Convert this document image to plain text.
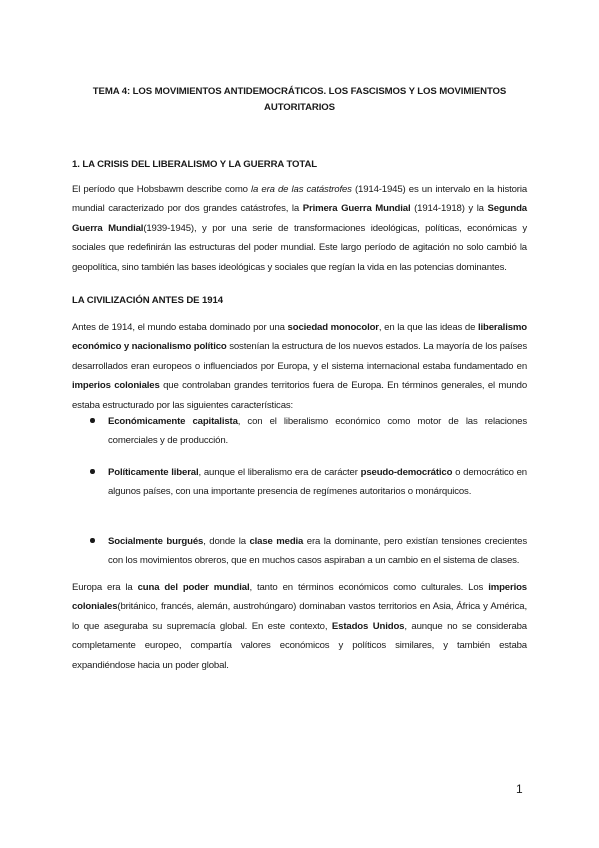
TEMA 4: LOS MOVIMIENTOS ANTIDEMOCRÁTICOS. LOS FASCISMOS Y LOS MOVIMIENTOS AUTORITARIOS
1. LA CRISIS DEL LIBERALISMO Y LA GUERRA TOTAL
El período que Hobsbawm describe como la era de las catástrofes (1914-1945) es un intervalo en la historia mundial caracterizado por dos grandes catástrofes, la Primera Guerra Mundial (1914-1918) y la Segunda Guerra Mundial(1939-1945), y por una serie de transformaciones ideológicas, políticas, económicas y sociales que redefinirán las estructuras del poder mundial. Este largo período de agitación no solo cambió la geopolítica, sino también las bases ideológicas y sociales que regían la vida en las potencias dominantes.
LA CIVILIZACIÓN ANTES DE 1914
Antes de 1914, el mundo estaba dominado por una sociedad monocolor, en la que las ideas de liberalismo económico y nacionalismo político sostenían la estructura de los nuevos estados. La mayoría de los países desarrollados eran europeos o influenciados por Europa, y el sistema internacional estaba fundamentado en imperios coloniales que controlaban grandes territorios fuera de Europa. En términos generales, el mundo estaba estructurado por las siguientes características:
Económicamente capitalista, con el liberalismo económico como motor de las relaciones comerciales y de producción.
Políticamente liberal, aunque el liberalismo era de carácter pseudo-democrático o democrático en algunos países, con una importante presencia de regímenes autoritarios o monárquicos.
Socialmente burgués, donde la clase media era la dominante, pero existían tensiones crecientes con los movimientos obreros, que en muchos casos aspiraban a un cambio en el sistema de clases.
Europa era la cuna del poder mundial, tanto en términos económicos como culturales. Los imperios coloniales(británico, francés, alemán, austrohúngaro) dominaban vastos territorios en Asia, África y América, lo que aseguraba su supremacía global. En este contexto, Estados Unidos, aunque no se consideraba completamente europeo, compartía valores económicos y políticos similares, y también estaba expandiéndose hacia un poder global.
1
